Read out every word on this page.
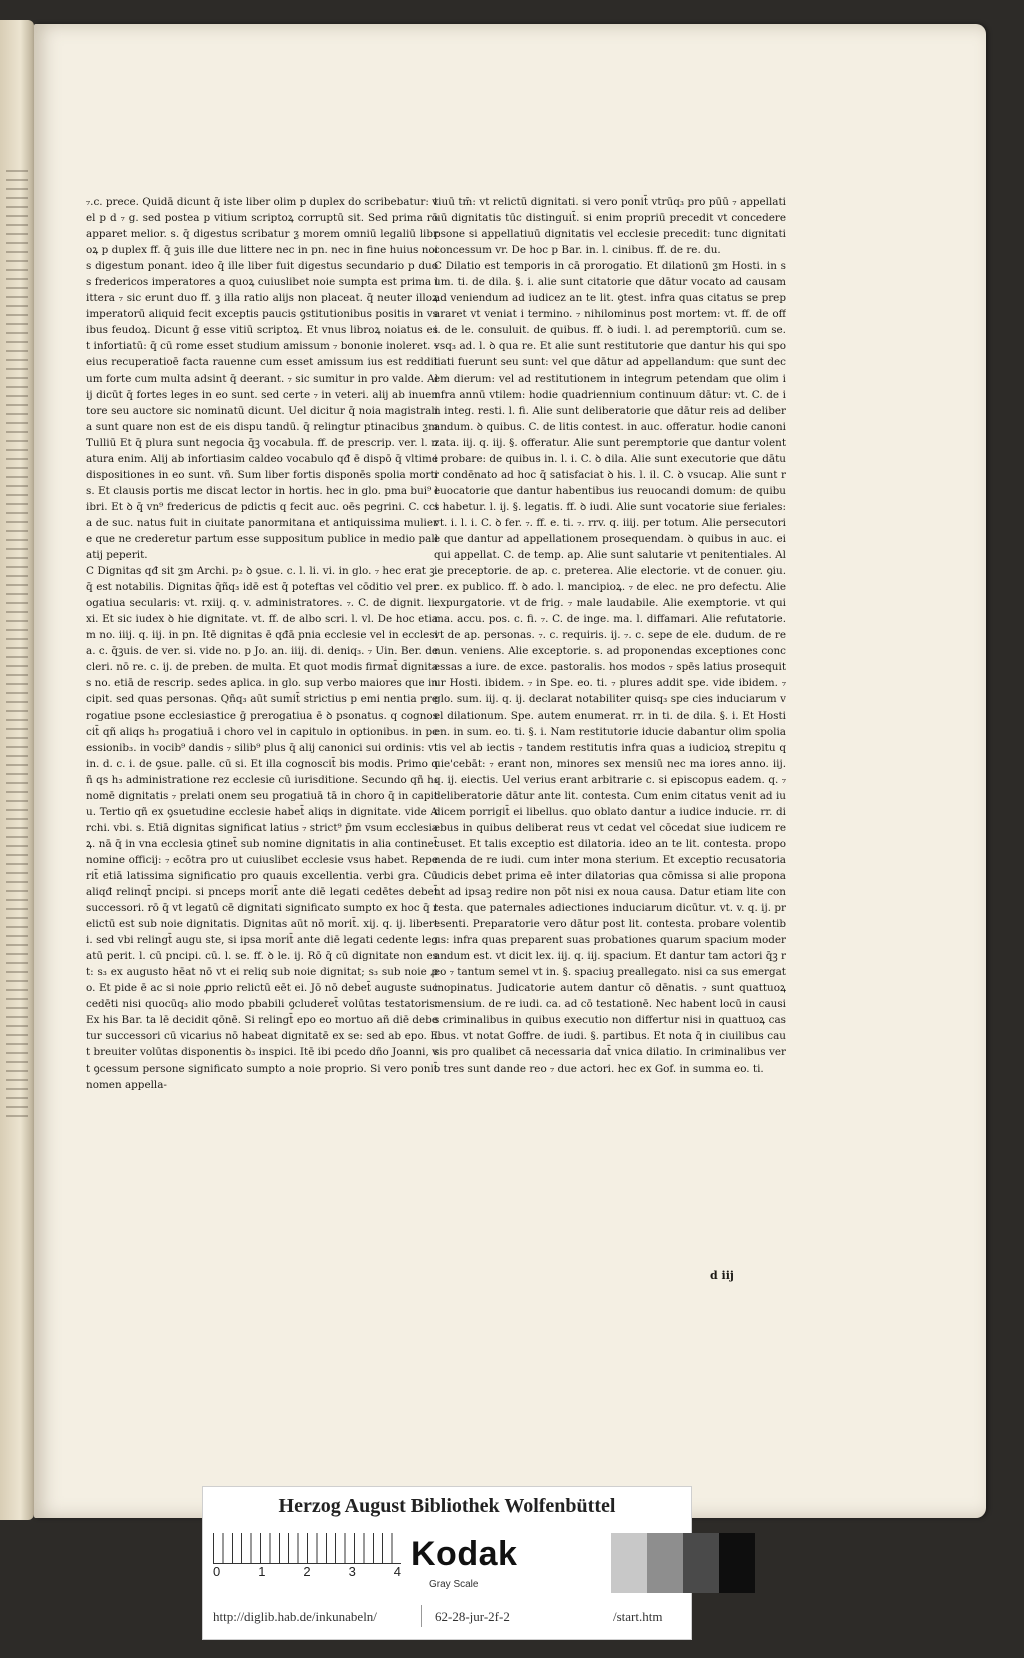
₇.c. prece. Quidā dicunt q̄ iste liber olim p duplex do scribebatur: vel p d ₇ g. sed postea p vitium scriptoꝝ corruptū sit. Sed prima rō apparet melior. s. q̄ digestus scribatur ƺ morem omniū legaliū libroꝝ p duplex ff. q̄ ꝫuis ille due littere nec in pn. nec in fine huius nois digestum ponant. ideo q̄ ille liber fuit digestus secundario p duos fredericos imperatores a quoꝝ cuiuslibet noie sumpta est prima littera ₇ sic erunt duo ff. ꝫ illa ratio alijs non placeat. q̄ neuter illoꝝ imperatorū aliquid fecit exceptis paucis ꝯstitutionibus positis in vsibus feudoꝝ. Dicunt ḡ esse vitiū scriptoꝝ. Et vnus libroꝝ noiatus est infortiatū: q̄ cū rome esset studium amissum ₇ bononie inoleret. ₇ eius recuperatioē facta rauenne cum esset amissum ius est redditum forte cum multa adsint q̄ deerant. ₇ sic sumitur in pro valde. Alij dicūt q̄ fortes leges in eo sunt. sed certe ₇ in veteri. alij ab inuentore seu auctore sic nominatū dicunt. Uel dicitur q̄ noia magistralia sunt quare non est de eis dispu tandū. q̄ relingtur ptinacibus ƺm Tulliū Et q̄ plura sunt negocia q̄ꝫ vocabula. ff. de prescrip. ver. l. natura enim. Alij ab infortiasim caldeo vocabulo qđ ē dispō q̄ vltime dispositiones in eo sunt. vñ. Sum liber fortis disponēs spolia mortis. Et clausis portis me discat lector in hortis. hec in glo. pma bui⁹ libri. Et ꝺ q̄ vn⁹ fredericus de pdictis q fecit auc. oēs pegrini. C. ccia de suc. natus fuit in ciuitate panormitana et antiquissima muliere que ne crederetur partum esse suppositum publice in medio pallatij peperit.

C Dignitas qđ sit ƺm Archi. p₂ ꝺ ꝯsue. c. l. li. vi. in glo. ₇ hec erat ꝫ. q̄ est notabilis. Dignitas q̄ñq₃ idē est q̄ poteftas vel cōditio vel prerogatiua secularis: vt. rxiij. q. v. administratores. ₇. C. de dignit. li. xi. Et sic iudex ꝺ hie dignitate. vt. ff. de albo scri. l. vl. De hoc etiam no. iiij. q. iij. in pn. Itē dignitas ē qđā pnia ecclesie vel in ecclesia. c. q̄ꝫuis. de ver. si. vide no. p Jo. an. iiij. di. deniq₃. ₇ Uin. Ber. de cleri. nō re. c. ij. de preben. de multa. Et quot modis firmat̄ dignitas no. etiā de rescrip. sedes aplica. in glo. sup verbo maiores que incipit. sed quas personas. Qñq₃ aūt sumit̄ strictius p emi nentia prerogatiue psone ecclesiastice ḡ prerogatiua ē ꝺ psonatus. q cognoscit̄ qñ aliqs h₃ progatiuā i choro vel in capitulo in optionibus. in pcessionib₃. in vocib⁹ dandis ₇ silib⁹ plus q̄ alij canonici sui ordinis: vt in. d. c. i. de ꝯsue. palle. cū si. Et illa cognoscit̄ bis modis. Primo qñ qs h₃ administratione rez ecclesie cū iurisditione. Secundo qñ h₃ nomē dignitatis ₇ prelati onem seu progatiuā tā in choro q̄ in capitu. Tertio qñ ex ꝯsuetudine ecclesie habet̄ aliqs in dignitate. vide Archi. vbi. s. Etiā dignitas significat latius ₇ strict⁹ p̄m vsum ecclesiaꝝ. nā q̄ in vna ecclesia ꝯtinet̄ sub nomine dignitatis in alia continet̄ nomine officij: ₇ ecōtra pro ut cuiuslibet ecclesie vsus habet. Reperit̄ etiā latissima significatio pro quauis excellentia. verbi gra. Cū aliqđ relinqt̄ pncipi. si pnceps morit̄ ante diē legati cedētes debet̄ successori. rō q̄ vt legatū cē dignitati significato sumpto ex hoc q̄ relictū est sub noie dignitatis. Dignitas aūt nō morit̄. xij. q. ij. liberti. sed vbi relingt̄ augu ste, si ipsa morit̄ ante diē legati cedente legatū perit. l. cū pncipi. cū. l. se. ff. ꝺ le. ij. Rō q̄ cū dignitate non est: s₃ ex augusto hēat nō vt ei reliq sub noie dignitat; s₃ sub noie ꝓo. Et pide ē ac si noie ꝓprio relictū eēt ei. Jō nō debet̄ auguste succedēti nisi quocūq₃ alio modo pbabili ꝯcluderet̄ volūtas testatoris. Ex his Bar. ta lē decidit qōnē. Si relingt̄ epo eo mortuo añ diē debetur successori cū vicarius nō habeat dignitatē ex se: sed ab epo. Et breuiter volūtas disponentis ꝺ₃ inspici. Itē ibi pcedo dño Joanni, vt ꝯcessum persone significato sumpto a noie proprio. Si vero ponit̄ nomen appella-

tiuū tm̄: vt relictū dignitati. si vero ponit̄ vtrūq₃ pro pūū ₇ appellatiuū dignitatis tūc distinguit̄. si enim propriū precedit vt concedere psone si appellatiuū dignitatis vel ecclesie precedit: tunc dignitati concessum vr. De hoc p Bar. in. l. cinibus. ff. de re. du.

C Dilatio est temporis in cā prorogatio. Et dilationū ƺm Hosti. in sum. ti. de dila. §. i. alie sunt citatorie que dātur vocato ad causam ad veniendum ad iudicez an te lit. ꝯtest. infra quas citatus se prepararet vt veniat i termino. ₇ nihilominus post mortem: vt. ff. de offi. de le. consuluit. de quibus. ff. ꝺ iudi. l. ad peremptoriū. cum se. vsq₃ ad. l. ꝺ qua re. Et alie sunt restitutorie que dantur his qui spoliati fuerunt seu sunt: vel que dātur ad appellandum: que sunt decem dierum: vel ad restitutionem in integrum petendam que olim infra annū vtilem: hodie quadriennium continuum dātur: vt. C. de in integ. resti. l. fi. Alie sunt deliberatorie que dātur reis ad deliberandum. ꝺ quibus. C. de litis contest. in auc. offeratur. hodie canonizata. iij. q. iij. §. offeratur. Alie sunt peremptorie que dantur volenti probare: de quibus in. l. i. C. ꝺ dila. Alie sunt executorie que dātur condēnato ad hoc q̄ satisfaciat ꝺ his. l. il. C. ꝺ vsucap. Alie sunt reuocatorie que dantur habentibus ius reuocandi domum: de quibus habetur. l. ij. §. legatis. ff. ꝺ iudi. Alie sunt vocatorie siue feriales: vt. i. l. i. C. ꝺ fer. ₇. ff. e. ti. ₇. rrv. q. iiij. per totum. Alie persecutorie que dantur ad appellationem prosequendam. ꝺ quibus in auc. ei qui appellat. C. de temp. ap. Alie sunt salutarie vt penitentiales. Alie preceptorie. de ap. c. preterea. Alie electorie. vt de conuer. ꝯiu. c. ex publico. ff. ꝺ ado. l. mancipioꝝ. ₇ de elec. ne pro defectu. Alie expurgatorie. vt de frig. ₇ male laudabile. Alie exemptorie. vt qui ma. accu. pos. c. fi. ₇. C. de inge. ma. l. diffamari. Alie refutatorie. vt de ap. personas. ₇. c. requiris. ij. ₇. c. sepe de ele. dudum. de renun. veniens. Alie exceptorie. s. ad proponendas exceptiones concessas a iure. de exce. pastoralis. hos modos ₇ spēs latius prosequitur Hosti. ibidem. ₇ in Spe. eo. ti. ₇ plures addit spe. vide ibidem. ₇ glo. sum. iij. q. ij. declarat notabiliter quisq₃ spe cies induciarum vel dilationum. Spe. autem enumerat. rr. in ti. de dila. §. i. Et Hostien. in sum. eo. ti. §. i. Nam restitutorie iducie dabantur olim spoliatis vel ab iectis ₇ tandem restitutis infra quas a iudicioꝝ strepitu quie'cebāt: ₇ erant non, minores sex mensiū nec ma iores anno. iij. q. ij. eiectis. Uel verius erant arbitrarie c. si episcopus eadem. q. ₇ deliberatorie dātur ante lit. contesta. Cum enim citatus venit ad iudicem porrigit̄ ei libellus. quo oblato dantur a iudice inducie. rr. diebus in quibus deliberat reus vt cedat vel cōcedat siue iudicem recuset. Et talis exceptio est dilatoria. ideo an te lit. contesta. proponenda de re iudi. cum inter mona sterium. Et exceptio recusatoria iudicis debet prima eē inter dilatorias qua cōmissa si alie proponant ad ipsaꝫ redire non pōt nisi ex noua causa. Datur etiam lite con testa. que paternales adiectiones induciarum dicūtur. vt. v. q. ij. presenti. Preparatorie vero dātur post lit. contesta. probare volentibus: infra quas preparent suas probationes quarum spacium moderandum est. vt dicit lex. iij. q. iij. spacium. Et dantur tam actori q̄ꝫ reo ₇ tantum semel vt in. §. spaciuꝫ preallegato. nisi ca sus emergat inopinatus. Judicatorie autem dantur cō dēnatis. ₇ sunt quattuoꝝ mensium. de re iudi. ca. ad cō testationē. Nec habent locū in causis criminalibus in quibus executio non differtur nisi in quattuoꝝ casibus. vt notat Goffre. de iudi. §. partibus. Et nota q̄ in ciuilibus causis pro qualibet cā necessaria dat̄ vnica dilatio. In criminalibus vero tres sunt dande reo ₇ due actori. hec ex Gof. in summa eo. ti.

d iij
Herzog August Bibliothek Wolfenbüttel
0	1	2	3	4 Kodak
Gray Scale
http://diglib.hab.de/inkunabeln/	62-28-jur-2f-2	/start.htm
